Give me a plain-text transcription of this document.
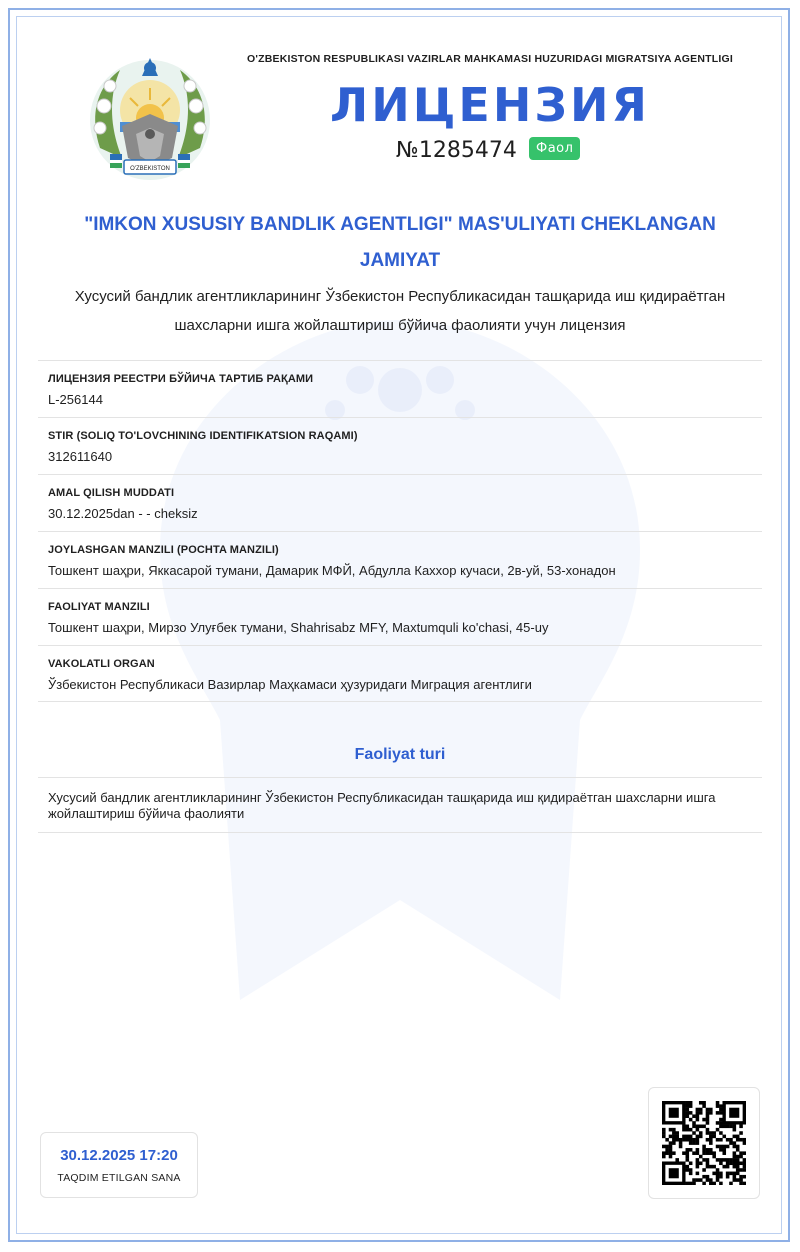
O'ZBEKISTON
O'ZBEKISTON RESPUBLIKASI VAZIRLAR MAHKAMASI HUZURIDAGI MIGRATSIYA AGENTLIGI
ЛИЦЕНЗИЯ
№1285474	Фаол
"IMKON XUSUSIY BANDLIK AGENTLIGI" MAS'ULIYATI CHEKLANGAN JAMIYAT
Хусусий бандлик агентликларининг Ўзбекистон Республикасидан ташқарида иш қидираётган шахсларни ишга жойлаштириш бўйича фаолияти учун лицензия
ЛИЦЕНЗИЯ РЕЕСТРИ БЎЙИЧА ТАРТИБ РАҚАМИ
L-256144
STIR (SOLIQ TO'LOVCHINING IDENTIFIKATSION RAQAMI)
312611640
AMAL QILISH MUDDATI
30.12.2025dan - - cheksiz
JOYLASHGAN MANZILI (POCHTA MANZILI)
Тошкент шаҳри, Яккасарой тумани, Дамарик МФЙ, Абдулла Каххор кучаси, 2в-уй, 53-хонадон
FAOLIYAT MANZILI
Тошкент шаҳри, Мирзо Улуғбек тумани, Shahrisabz MFY, Maxtumquli ko'chasi, 45-uy
VAKOLATLI ORGAN
Ўзбекистон Республикаси Вазирлар Маҳкамаси ҳузуридаги Миграция агентлиги
Faoliyat turi
Хусусий бандлик агентликларининг Ўзбекистон Республикасидан ташқарида иш қидираётган шахсларни ишга жойлаштириш бўйича фаолияти
30.12.2025 17:20
TAQDIM ETILGAN SANA
